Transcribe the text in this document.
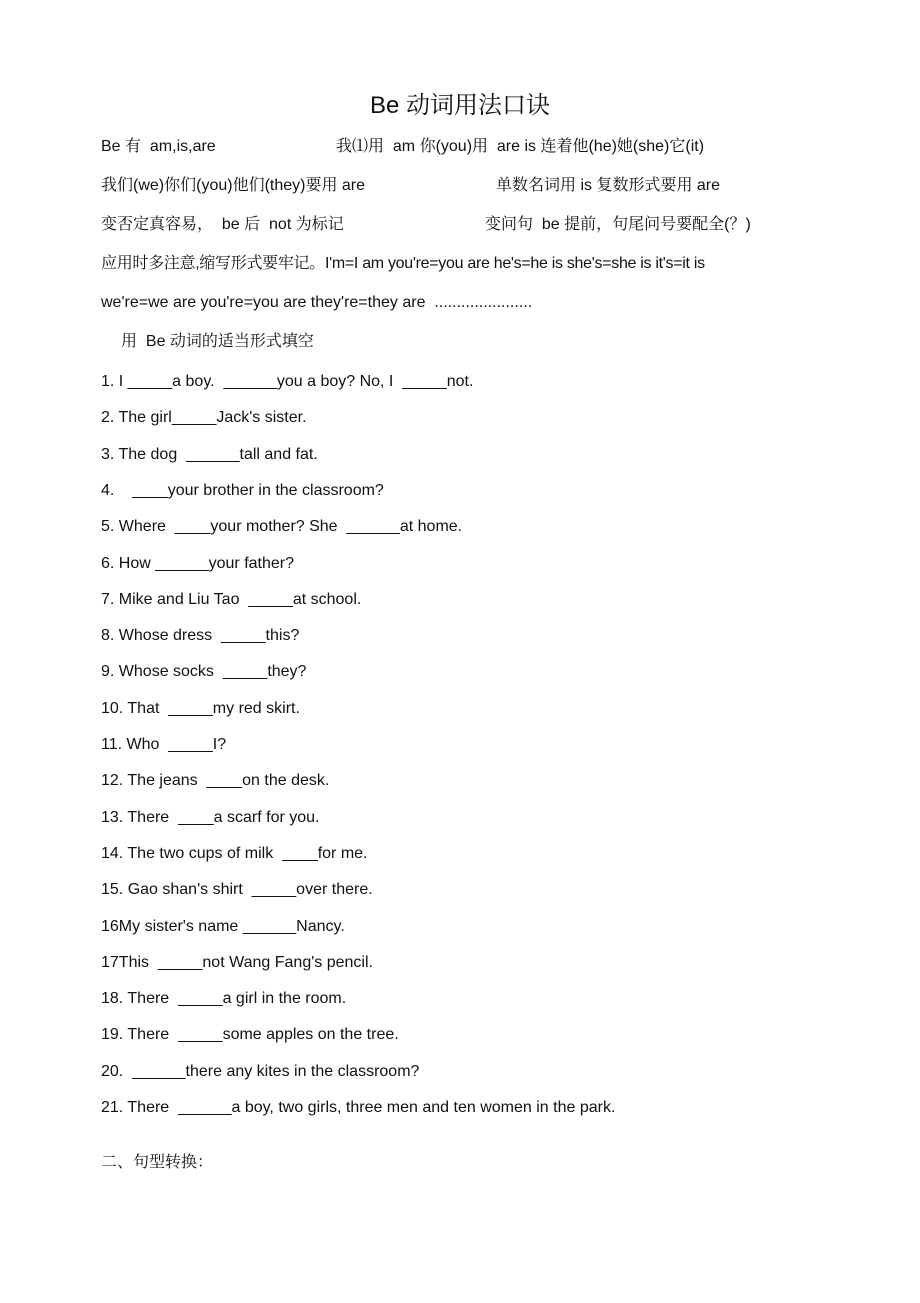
Be 动词用法口诀
Be 有  am,is,are	我⑴用  am 你(you)用  are is 连着他(he)她(she)它(it)
我们(we)你们(you)他们(they)要用 are	单数名词用 is 复数形式要用 are
变否定真容易，  be 后  not 为标记	变问句  be 提前，句尾问号要配全(？)
应用时多注意,缩写形式要牢记。I'm=I am you're=you are he's=he is she's=she is it's=it is
we're=we are you're=you are they're=they are  ......................
用  Be 动词的适当形式填空
1. I _____a boy.  ______you a boy? No, I  _____not.
2. The girl_____Jack's sister.
3. The dog  ______tall and fat.
4.    ____your brother in the classroom?
5. Where  ____your mother? She  ______at home.
6. How ______your father?
7. Mike and Liu Tao  _____at school.
8. Whose dress  _____this?
9. Whose socks  _____they?
10. That  _____my red skirt.
11. Who  _____I?
12. The jeans  ____on the desk.
13. There  ____a scarf for you.
14. The two cups of milk  ____for me.
15. Gao shan's shirt  _____over there.
16My sister's name ______Nancy.
17This  _____not Wang Fang's pencil.
18. There  _____a girl in the room.
19. There  _____some apples on the tree.
20.  ______there any kites in the classroom?
21. There  ______a boy, two girls, three men and ten women in the park.
二、句型转换：
